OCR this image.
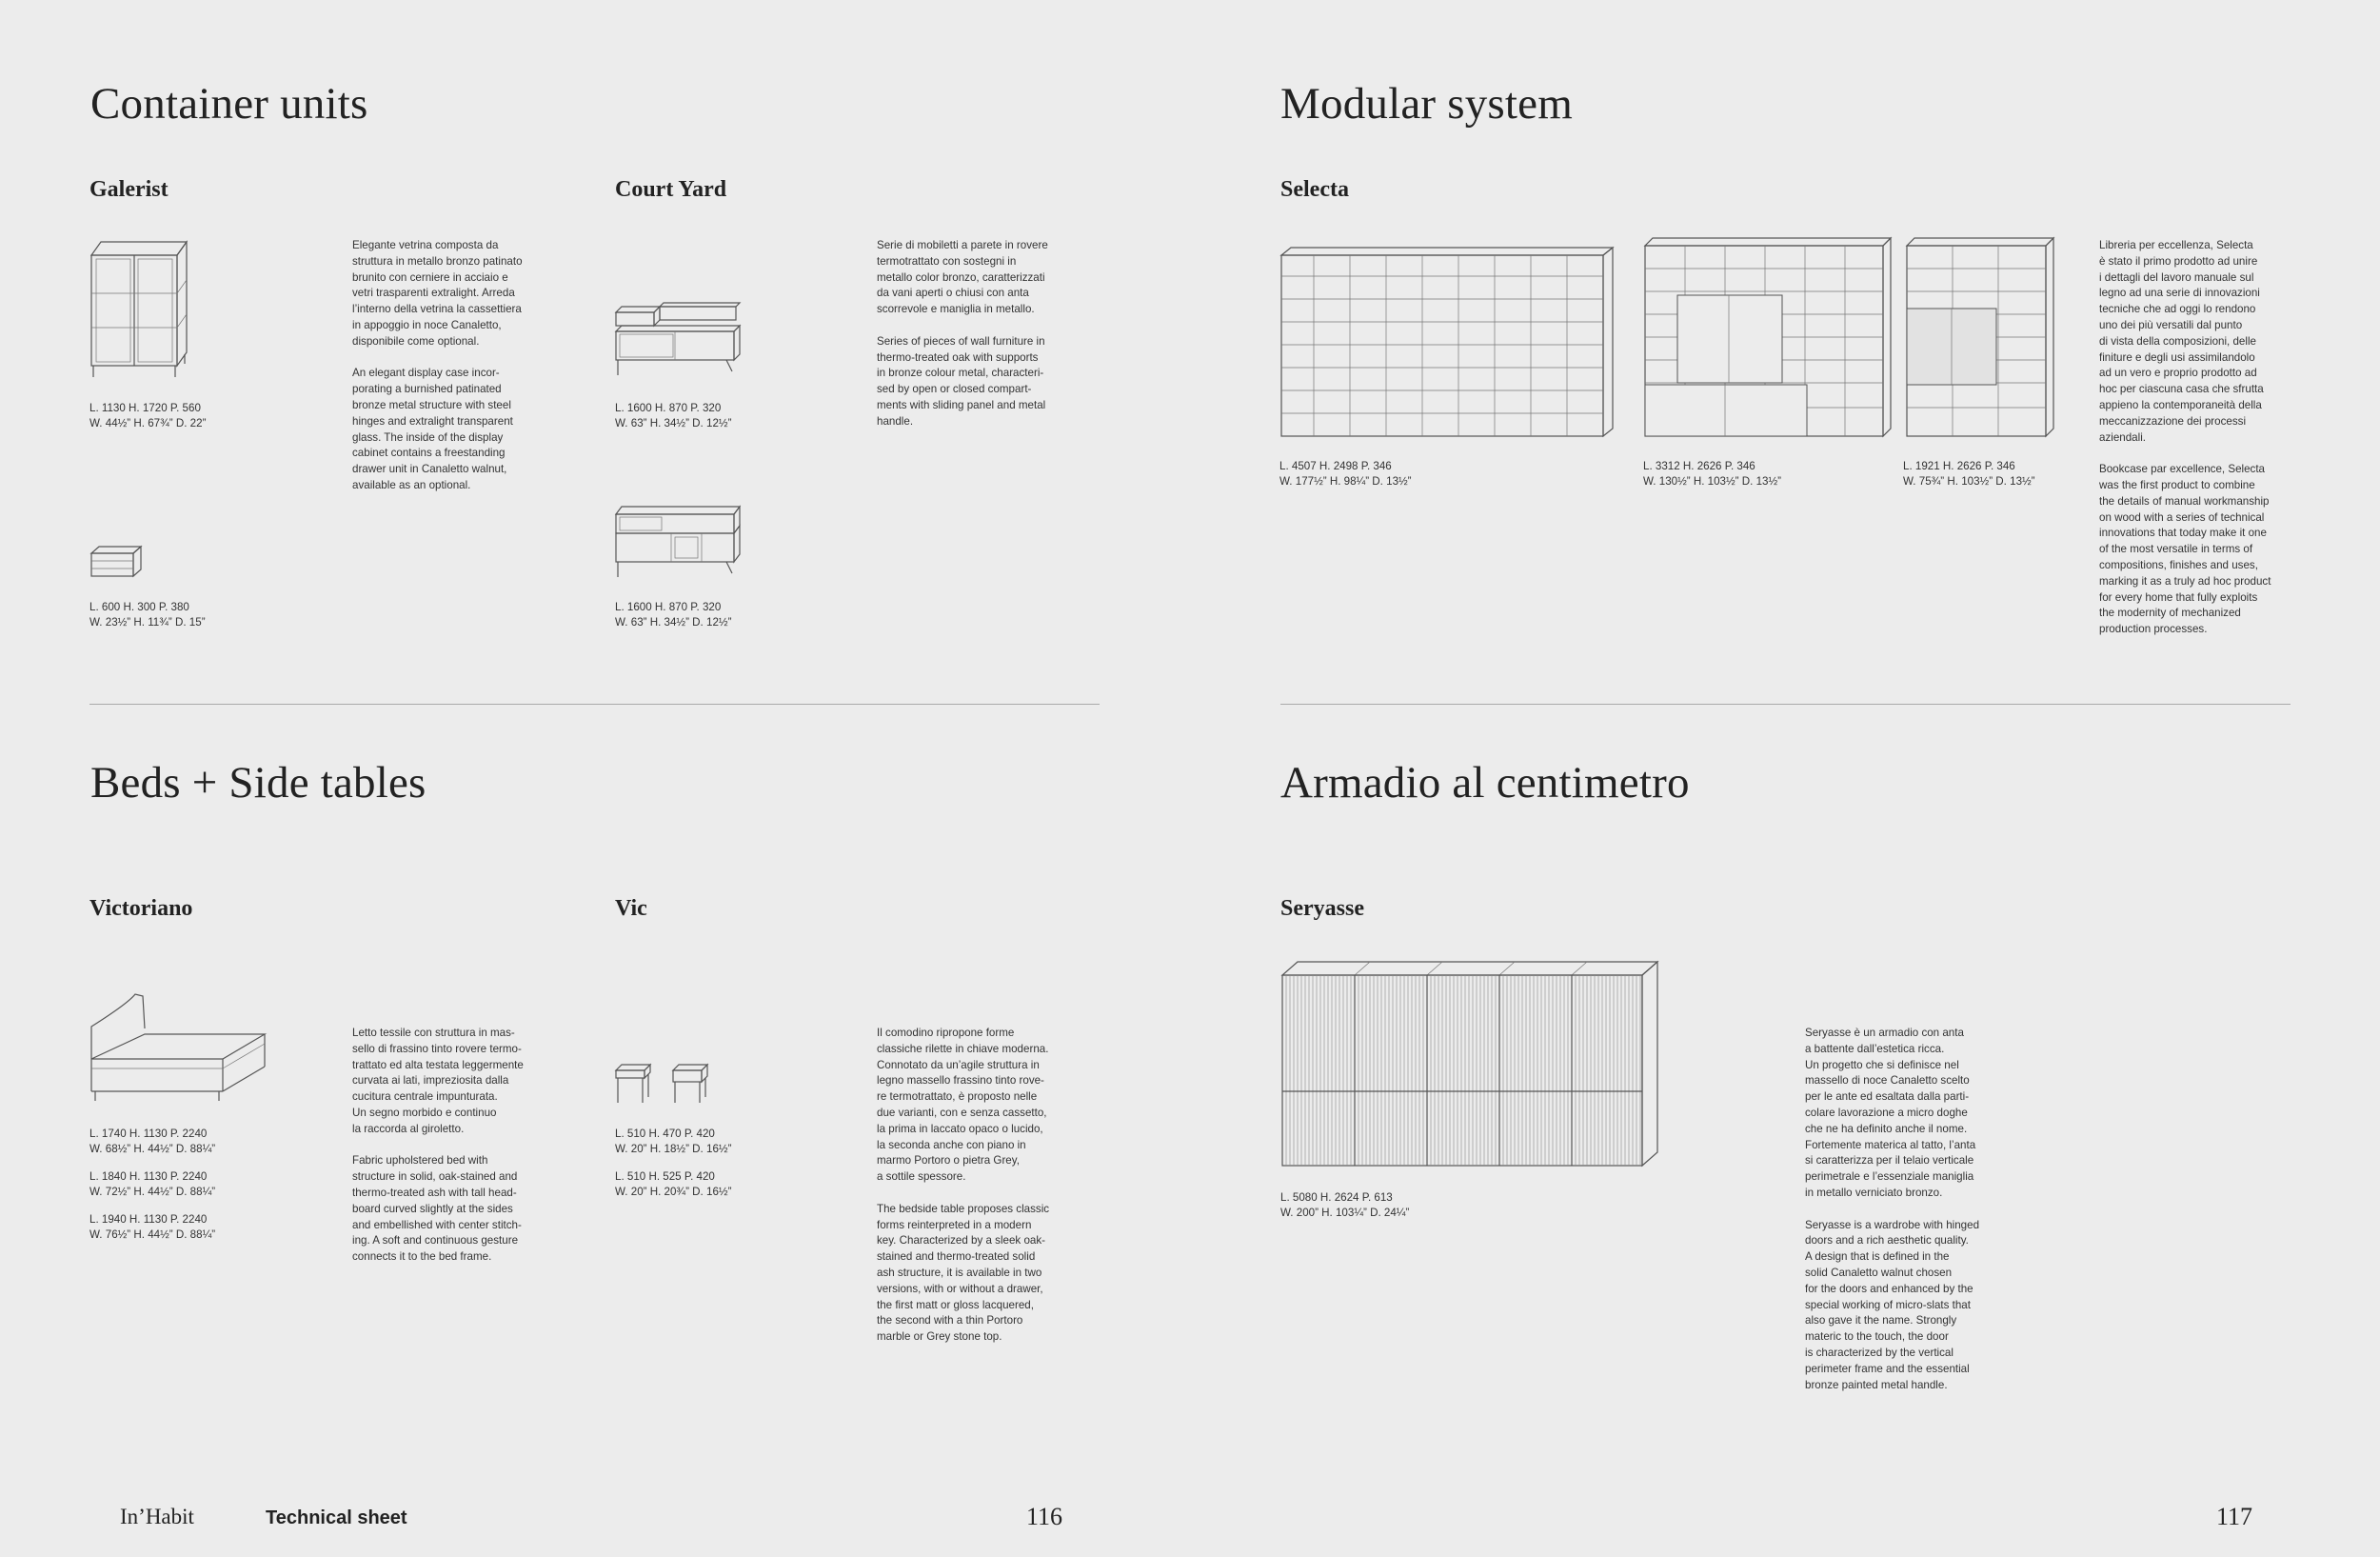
Container units
Galerist	Court Yard
L. 1130 H. 1720 P. 560
W. 44½” H. 67¾” D. 22”
L. 600 H. 300 P. 380
W. 23½” H. 11¾” D. 15”
Elegante vetrina composta da
struttura in metallo bronzo patinato
brunito con cerniere in acciaio e
vetri trasparenti extralight. Arreda
l’interno della vetrina la cassettiera
in appoggio in noce Canaletto,
disponibile come optional.

An elegant display case incor-
porating a burnished patinated
bronze metal structure with steel
hinges and extralight transparent
glass. The inside of the display
cabinet contains a freestanding
drawer unit in Canaletto walnut,
available as an optional.
L. 1600 H. 870 P. 320
W. 63” H. 34½” D. 12½”
L. 1600 H. 870 P. 320
W. 63” H. 34½” D. 12½”
Serie di mobiletti a parete in rovere
termotrattato con sostegni in
metallo color bronzo, caratterizzati
da vani aperti o chiusi con anta
scorrevole e maniglia in metallo.

Series of pieces of wall furniture in
thermo-treated oak with supports
in bronze colour metal, characteri-
sed by open or closed compart-
ments with sliding panel and metal
handle.
Beds + Side tables
Victoriano	Vic
L. 1740 H. 1130 P. 2240
W. 68½” H. 44½” D. 88¼”
L. 1840 H. 1130 P. 2240
W. 72½” H. 44½” D. 88¼”
L. 1940 H. 1130 P. 2240
W. 76½” H. 44½” D. 88¼”
Letto tessile con struttura in mas-
sello di frassino tinto rovere termo-
trattato ed alta testata leggermente
curvata ai lati, impreziosita dalla
cucitura centrale impunturata.
Un segno morbido e continuo
la raccorda al giroletto.

Fabric upholstered bed with
structure in solid, oak-stained and
thermo-treated ash with tall head-
board curved slightly at the sides
and embellished with center stitch-
ing. A soft and continuous gesture
connects it to the bed frame.
L. 510 H. 470 P. 420
W. 20” H. 18½” D. 16½”
L. 510 H. 525 P. 420
W. 20” H. 20¾” D. 16½”
Il comodino ripropone forme
classiche rilette in chiave moderna.
Connotato da un’agile struttura in
legno massello frassino tinto rove-
re termotrattato, è proposto nelle
due varianti, con e senza cassetto,
la prima in laccato opaco o lucido,
la seconda anche con piano in
marmo Portoro o pietra Grey,
a sottile spessore.

The bedside table proposes classic
forms reinterpreted in a modern
key. Characterized by a sleek oak-
stained and thermo-treated solid
ash structure, it is available in two
versions, with or without a drawer,
the first matt or gloss lacquered,
the second with a thin Portoro
marble or Grey stone top.
Modular system
Selecta
L. 4507 H. 2498 P. 346
W. 177½” H. 98¼” D. 13½”
L. 3312 H. 2626 P. 346
W. 130½” H. 103½” D. 13½”
L. 1921 H. 2626 P. 346
W. 75¾” H. 103½” D. 13½”
Libreria per eccellenza, Selecta
è stato il primo prodotto ad unire
i dettagli del lavoro manuale sul
legno ad una serie di innovazioni
tecniche che ad oggi lo rendono
uno dei più versatili dal punto
di vista della composizioni, delle
finiture e degli usi assimilandolo
ad un vero e proprio prodotto ad
hoc per ciascuna casa che sfrutta
appieno la contemporaneità della
meccanizzazione dei processi
aziendali.

Bookcase par excellence, Selecta
was the first product to combine
the details of manual workmanship
on wood with a series of technical
innovations that today make it one
of the most versatile in terms of
compositions, finishes and uses,
marking it as a truly ad hoc product
for every home that fully exploits
the modernity of mechanized
production processes.
Armadio al centimetro
Seryasse
L. 5080 H. 2624 P. 613
W. 200” H. 103¼” D. 24¼”
Seryasse è un armadio con anta
a battente dall’estetica ricca.
Un progetto che si definisce nel
massello di noce Canaletto scelto
per le ante ed esaltata dalla parti-
colare lavorazione a micro doghe
che ne ha definito anche il nome.
Fortemente materica al tatto, l’anta
si caratterizza per il telaio verticale
perimetrale e l’essenziale maniglia
in metallo verniciato bronzo.

Seryasse is a wardrobe with hinged
doors and a rich aesthetic quality.
A design that is defined in the
solid Canaletto walnut chosen
for the doors and enhanced by the
special working of micro-slats that
also gave it the name. Strongly
materic to the touch, the door
is characterized by the vertical
perimeter frame and the essential
bronze painted metal handle.
In’Habit	Technical sheet	116	117
